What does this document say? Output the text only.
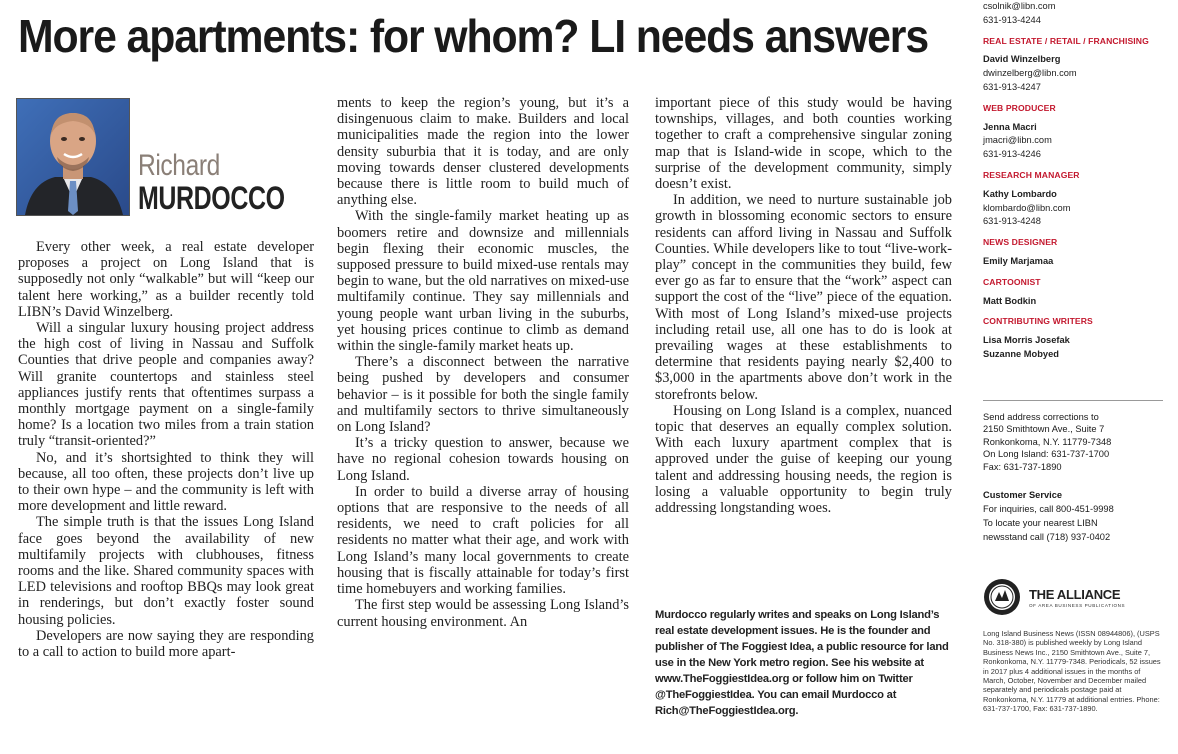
More apartments: for whom? LI needs answers
Richard
MURDOCCO

Every other week, a real estate developer proposes a project on Long Island that is supposedly not only “walkable” but will “keep our talent here working,” as a builder recently told LIBN’s David Winzelberg.

Will a singular luxury housing project address the high cost of living in Nassau and Suffolk Counties that drive people and companies away? Will granite countertops and stainless steel appliances justify rents that oftentimes surpass a monthly mortgage payment on a single-family home? Is a location two miles from a train station truly “transit-oriented?”

No, and it’s shortsighted to think they will because, all too often, these projects don’t live up to their own hype – and the community is left with more development and little reward.

The simple truth is that the issues Long Island face goes beyond the availability of new multifamily projects with clubhouses, fitness rooms and the like. Shared community spaces with LED televisions and rooftop BBQs may look great in renderings, but don’t exactly foster sound housing policies.

Developers are now saying they are responding to a call to action to build more apart-

ments to keep the region’s young, but it’s a disingenuous claim to make. Builders and local municipalities made the region into the lower density suburbia that it is today, and are only moving towards denser clustered developments because there is little room to build much of anything else.

With the single-family market heating up as boomers retire and downsize and millennials begin flexing their economic muscles, the supposed pressure to build mixed-use rentals may begin to wane, but the old narratives on mixed-use multifamily continue. They say millennials and young people want urban living in the suburbs, yet housing prices continue to climb as demand within the single-family market heats up.

There’s a disconnect between the narrative being pushed by developers and consumer behavior – is it possible for both the single family and multifamily sectors to thrive simultaneously on Long Island?

It’s a tricky question to answer, because we have no regional cohesion towards housing on Long Island.

In order to build a diverse array of housing options that are responsive to the needs of all residents, we need to craft policies for all residents no matter what their age, and work with Long Island’s many local governments to create housing that is fiscally attainable for today’s first time homebuyers and working families.

The first step would be assessing Long Island’s current housing environment. An

important piece of this study would be having townships, villages, and both counties working together to craft a comprehensive singular zoning map that is Island-wide in scope, which to the surprise of the development community, simply doesn’t exist.

In addition, we need to nurture sustainable job growth in blossoming economic sectors to ensure residents can afford living in Nassau and Suffolk Counties. While developers like to tout “live-work-play” concept in the communities they build, few ever go as far to ensure that the “work” aspect can support the cost of the “live” piece of the equation. With most of Long Island’s mixed-use projects including retail use, all one has to do is look at prevailing wages at these establishments to determine that residents paying nearly $2,400 to $3,000 in the apartments above don’t work in the storefronts below.

Housing on Long Island is a complex, nuanced topic that deserves an equally complex solution. With each luxury apartment complex that is approved under the guise of keeping our young talent and addressing housing needs, the region is losing a valuable opportunity to begin truly addressing longstanding woes.

Murdocco regularly writes and speaks on Long Island’s real estate development issues. He is the founder and publisher of The Foggiest Idea, a public resource for land use in the New York metro region. See his website at www.TheFoggiestIdea.org or follow him on Twitter @TheFoggiestIdea. You can email Murdocco at Rich@TheFoggiestIdea.org.
csolnik@libn.com
631-913-4244
REAL ESTATE / RETAIL / FRANCHISING
David Winzelberg
dwinzelberg@libn.com
631-913-4247
WEB PRODUCER
Jenna Macri
jmacri@libn.com
631-913-4246
RESEARCH MANAGER
Kathy Lombardo
klombardo@libn.com
631-913-4248
NEWS DESIGNER
Emily Marjamaa
CARTOONIST
Matt Bodkin
CONTRIBUTING WRITERS
Lisa Morris Josefak
Suzanne Mobyed
Send address corrections to
2150 Smithtown Ave., Suite 7
Ronkonkoma, N.Y. 11779-7348
On Long Island: 631-737-1700
Fax: 631-737-1890
Customer Service
For inquiries, call 800-451-9998
To locate your nearest LIBN
newsstand call (718) 937-0402
THE ALLIANCE
OF AREA BUSINESS PUBLICATIONS
Long Island Business News (ISSN 08944806), (USPS No. 318-380) is published weekly by Long Island Business News Inc., 2150 Smithtown Ave., Suite 7, Ronkonkoma, N.Y. 11779-7348. Periodicals, 52 issues in 2017 plus 4 additional issues in the months of March, October, November and December mailed separately and periodicals postage paid at Ronkonkoma, N.Y. 11779 at additional entries. Phone: 631-737-1700, Fax: 631-737-1890.
